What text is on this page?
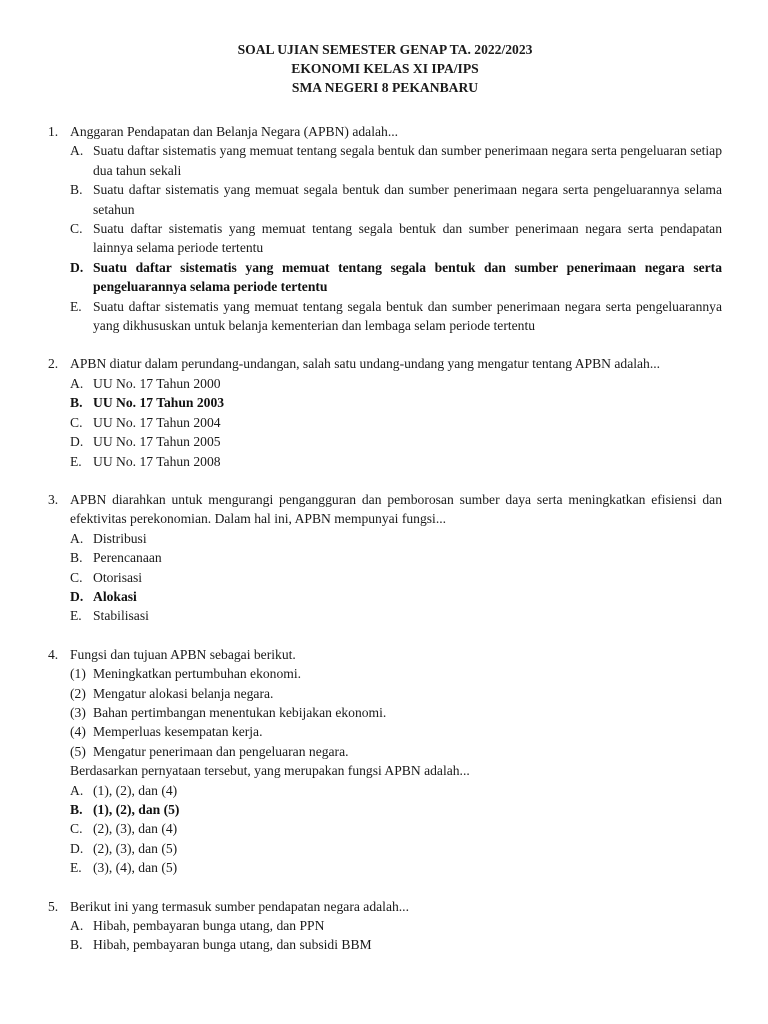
SOAL UJIAN SEMESTER GENAP TA. 2022/2023
EKONOMI KELAS XI IPA/IPS
SMA NEGERI 8 PEKANBARU
1. Anggaran Pendapatan dan Belanja Negara (APBN) adalah...
A. Suatu daftar sistematis yang memuat tentang segala bentuk dan sumber penerimaan negara serta pengeluaran setiap dua tahun sekali
B. Suatu daftar sistematis yang memuat segala bentuk dan sumber penerimaan negara serta pengeluarannya selama setahun
C. Suatu daftar sistematis yang memuat tentang segala bentuk dan sumber penerimaan negara serta pendapatan lainnya selama periode tertentu
D. Suatu daftar sistematis yang memuat tentang segala bentuk dan sumber penerimaan negara serta pengeluarannya selama periode tertentu
E. Suatu daftar sistematis yang memuat tentang segala bentuk dan sumber penerimaan negara serta pengeluarannya yang dikhususkan untuk belanja kementerian dan lembaga selam periode tertentu
2. APBN diatur dalam perundang-undangan, salah satu undang-undang yang mengatur tentang APBN adalah...
A. UU No. 17 Tahun 2000
B. UU No. 17 Tahun 2003
C. UU No. 17 Tahun 2004
D. UU No. 17 Tahun 2005
E. UU No. 17 Tahun 2008
3. APBN diarahkan untuk mengurangi pengangguran dan pemborosan sumber daya serta meningkatkan efisiensi dan efektivitas perekonomian. Dalam hal ini, APBN mempunyai fungsi...
A. Distribusi
B. Perencanaan
C. Otorisasi
D. Alokasi
E. Stabilisasi
4. Fungsi dan tujuan APBN sebagai berikut.
(1) Meningkatkan pertumbuhan ekonomi.
(2) Mengatur alokasi belanja negara.
(3) Bahan pertimbangan menentukan kebijakan ekonomi.
(4) Memperluas kesempatan kerja.
(5) Mengatur penerimaan dan pengeluaran negara.
Berdasarkan pernyataan tersebut, yang merupakan fungsi APBN adalah...
A. (1), (2), dan (4)
B. (1), (2), dan (5)
C. (2), (3), dan (4)
D. (2), (3), dan (5)
E. (3), (4), dan (5)
5. Berikut ini yang termasuk sumber pendapatan negara adalah...
A. Hibah, pembayaran bunga utang, dan PPN
B. Hibah, pembayaran bunga utang, dan subsidi BBM
